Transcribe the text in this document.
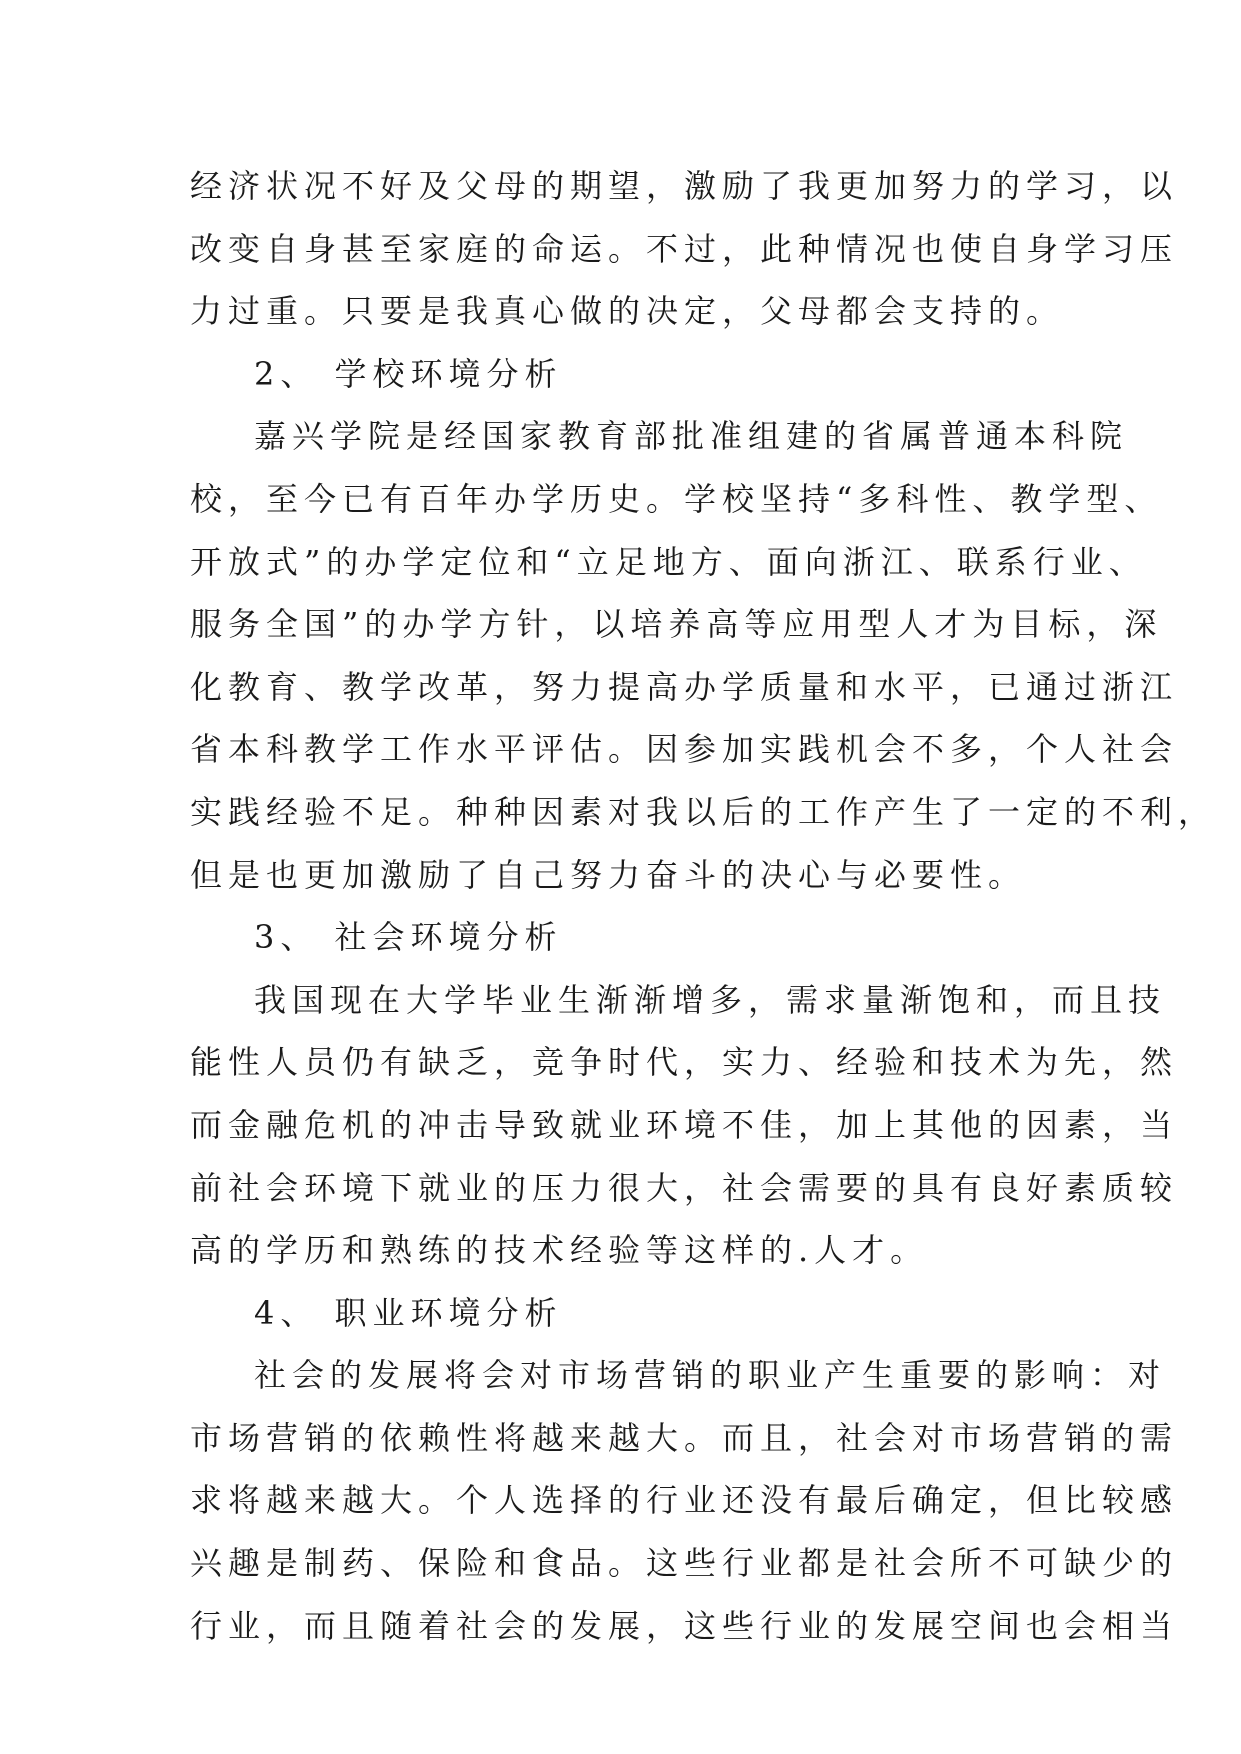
经济状况不好及父母的期望，激励了我更加努力的学习，以
改变自身甚至家庭的命运。不过，此种情况也使自身学习压
力过重。只要是我真心做的决定，父母都会支持的。
2、 学校环境分析
嘉兴学院是经国家教育部批准组建的省属普通本科院
校，至今已有百年办学历史。学校坚持“多科性、教学型、
开放式”的办学定位和“立足地方、面向浙江、联系行业、
服务全国”的办学方针，以培养高等应用型人才为目标，深
化教育、教学改革，努力提高办学质量和水平，已通过浙江
省本科教学工作水平评估。因参加实践机会不多，个人社会
实践经验不足。种种因素对我以后的工作产生了一定的不利，
但是也更加激励了自己努力奋斗的决心与必要性。
3、 社会环境分析
我国现在大学毕业生渐渐增多，需求量渐饱和，而且技
能性人员仍有缺乏，竞争时代，实力、经验和技术为先，然
而金融危机的冲击导致就业环境不佳，加上其他的因素，当
前社会环境下就业的压力很大，社会需要的具有良好素质较
高的学历和熟练的技术经验等这样的.人才。
4、 职业环境分析
社会的发展将会对市场营销的职业产生重要的影响：对
市场营销的依赖性将越来越大。而且，社会对市场营销的需
求将越来越大。个人选择的行业还没有最后确定，但比较感
兴趣是制药、保险和食品。这些行业都是社会所不可缺少的
行业，而且随着社会的发展，这些行业的发展空间也会相当
